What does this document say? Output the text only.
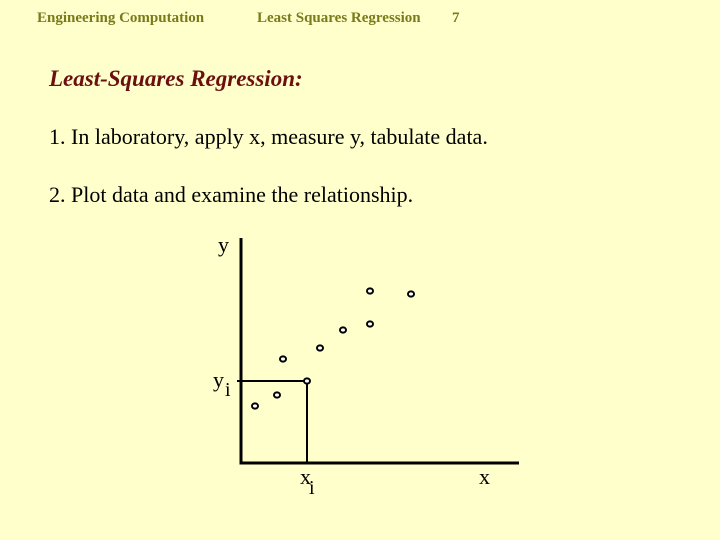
Engineering Computation	Least Squares Regression 7
Least-Squares Regression:
1. In laboratory, apply x, measure y, tabulate data.
2. Plot data and examine the relationship.
y
x
y i
x
i
